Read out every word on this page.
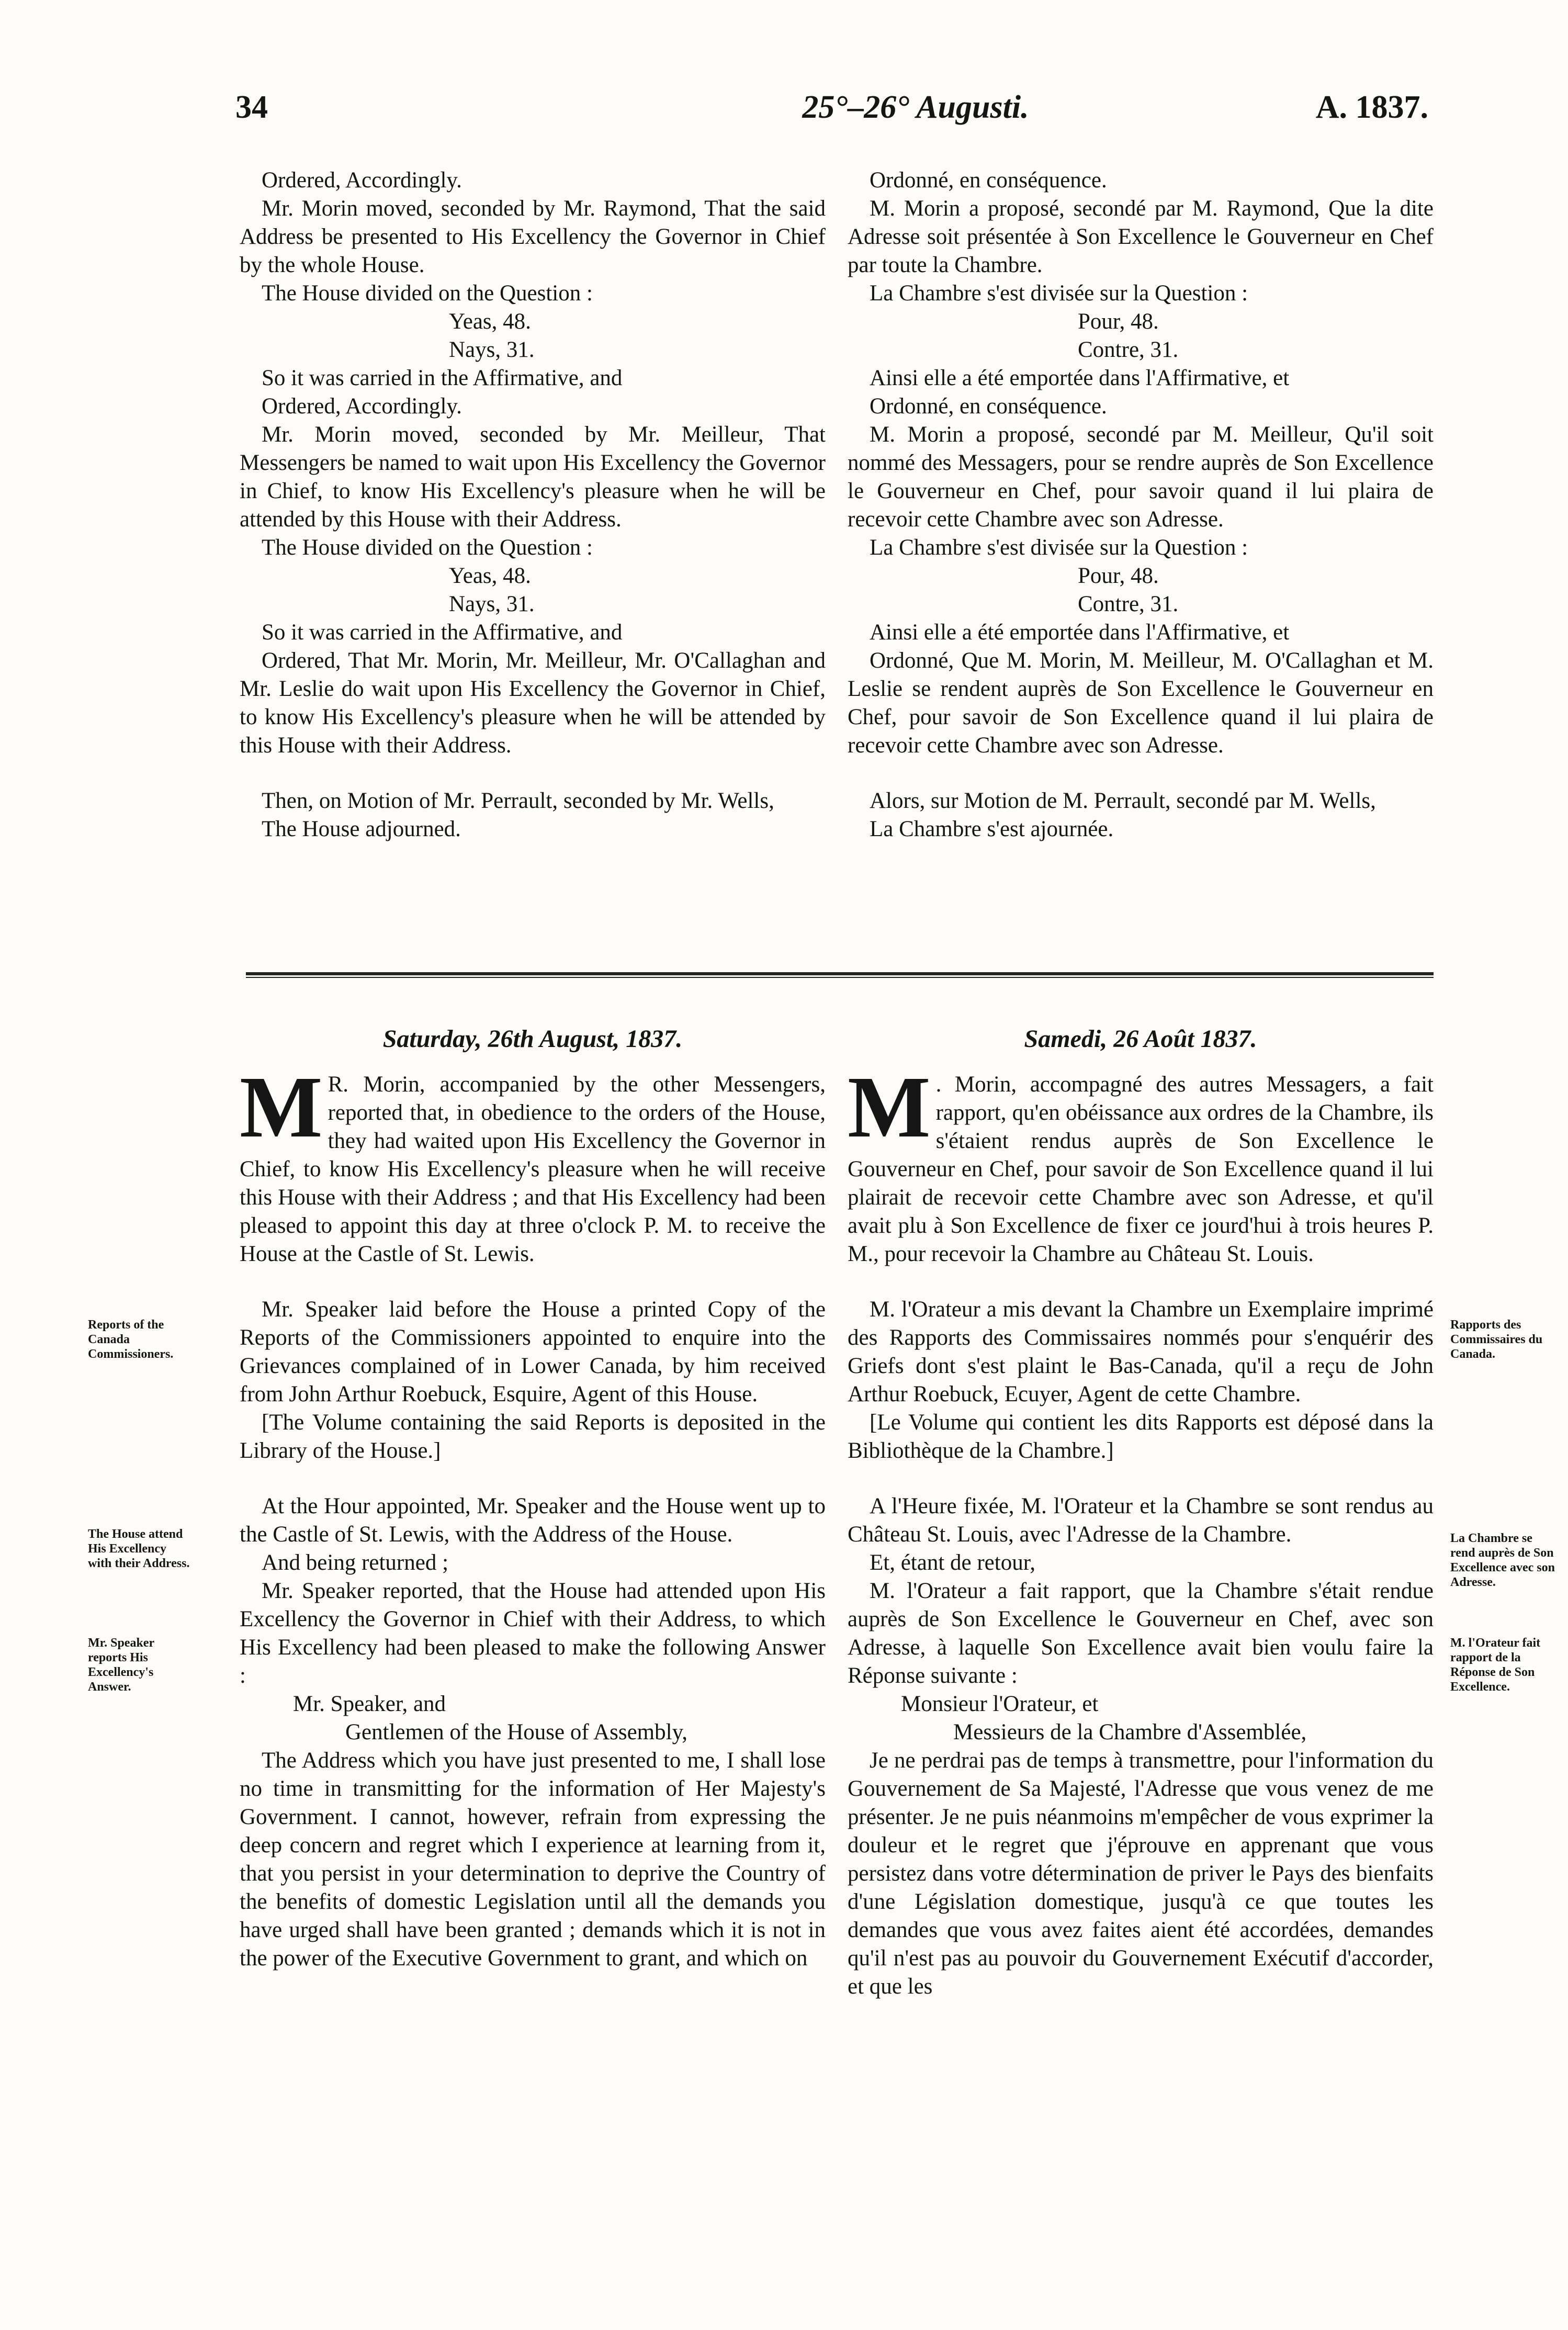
34	25°–26° Augusti.	A. 1837.

Ordered, Accordingly.

Mr. Morin moved, seconded by Mr. Raymond, That the said Address be presented to His Excellency the Governor in Chief by the whole House.

The House divided on the Question :

Yeas, 48.

Nays, 31.

So it was carried in the Affirmative, and

Ordered, Accordingly.

Mr. Morin moved, seconded by Mr. Meilleur, That Messengers be named to wait upon His Excellency the Governor in Chief, to know His Excellency's pleasure when he will be attended by this House with their Address.

The House divided on the Question :

Yeas, 48.

Nays, 31.

So it was carried in the Affirmative, and

Ordered, That Mr. Morin, Mr. Meilleur, Mr. O'Callaghan and Mr. Leslie do wait upon His Excellency the Governor in Chief, to know His Excellency's pleasure when he will be attended by this House with their Address.

Then, on Motion of Mr. Perrault, seconded by Mr. Wells,

The House adjourned.

Ordonné, en conséquence.

M. Morin a proposé, secondé par M. Raymond, Que la dite Adresse soit présentée à Son Excellence le Gouverneur en Chef par toute la Chambre.

La Chambre s'est divisée sur la Question :

Pour, 48.

Contre, 31.

Ainsi elle a été emportée dans l'Affirmative, et

Ordonné, en conséquence.

M. Morin a proposé, secondé par M. Meilleur, Qu'il soit nommé des Messagers, pour se rendre auprès de Son Excellence le Gouverneur en Chef, pour savoir quand il lui plaira de recevoir cette Chambre avec son Adresse.

La Chambre s'est divisée sur la Question :

Pour, 48.

Contre, 31.

Ainsi elle a été emportée dans l'Affirmative, et

Ordonné, Que M. Morin, M. Meilleur, M. O'Callaghan et M. Leslie se rendent auprès de Son Excellence le Gouverneur en Chef, pour savoir de Son Excellence quand il lui plaira de recevoir cette Chambre avec son Adresse.

Alors, sur Motion de M. Perrault, secondé par M. Wells,

La Chambre s'est ajournée.

Saturday, 26th August, 1837.	Samedi, 26 Août 1837.

M R. Morin, accompanied by the other Messengers, reported that, in obedience to the orders of the House, they had waited upon His Excellency the Governor in Chief, to know His Excellency's pleasure when he will receive this House with their Address ; and that His Excellency had been pleased to appoint this day at three o'clock P. M. to receive the House at the Castle of St. Lewis.

Mr. Speaker laid before the House a printed Copy of the Reports of the Commissioners appointed to enquire into the Grievances complained of in Lower Canada, by him received from John Arthur Roebuck, Esquire, Agent of this House.

[The Volume containing the said Reports is deposited in the Library of the House.]

At the Hour appointed, Mr. Speaker and the House went up to the Castle of St. Lewis, with the Address of the House.

And being returned ;

Mr. Speaker reported, that the House had attended upon His Excellency the Governor in Chief with their Address, to which His Excellency had been pleased to make the following Answer :

Mr. Speaker, and

Gentlemen of the House of Assembly,

The Address which you have just presented to me, I shall lose no time in transmitting for the information of Her Majesty's Government. I cannot, however, refrain from expressing the deep concern and regret which I experience at learning from it, that you persist in your determination to deprive the Country of the benefits of domestic Legislation until all the demands you have urged shall have been granted ; demands which it is not in the power of the Executive Government to grant, and which on

M . Morin, accompagné des autres Messagers, a fait rapport, qu'en obéissance aux ordres de la Chambre, ils s'étaient rendus auprès de Son Excellence le Gouverneur en Chef, pour savoir de Son Excellence quand il lui plairait de recevoir cette Chambre avec son Adresse, et qu'il avait plu à Son Excellence de fixer ce jourd'hui à trois heures P. M., pour recevoir la Chambre au Château St. Louis.

M. l'Orateur a mis devant la Chambre un Exemplaire imprimé des Rapports des Commissaires nommés pour s'enquérir des Griefs dont s'est plaint le Bas-Canada, qu'il a reçu de John Arthur Roebuck, Ecuyer, Agent de cette Chambre.

[Le Volume qui contient les dits Rapports est déposé dans la Bibliothèque de la Chambre.]

A l'Heure fixée, M. l'Orateur et la Chambre se sont rendus au Château St. Louis, avec l'Adresse de la Chambre.

Et, étant de retour,

M. l'Orateur a fait rapport, que la Chambre s'était rendue auprès de Son Excellence le Gouverneur en Chef, avec son Adresse, à laquelle Son Excellence avait bien voulu faire la Réponse suivante :

Monsieur l'Orateur, et

Messieurs de la Chambre d'Assemblée,

Je ne perdrai pas de temps à transmettre, pour l'information du Gouvernement de Sa Majesté, l'Adresse que vous venez de me présenter. Je ne puis néanmoins m'empêcher de vous exprimer la douleur et le regret que j'éprouve en apprenant que vous persistez dans votre détermination de priver le Pays des bienfaits d'une Législation domestique, jusqu'à ce que toutes les demandes que vous avez faites aient été accordées, demandes qu'il n'est pas au pouvoir du Gouvernement Exécutif d'accorder, et que les

Reports of the Canada Commissioners.
The House attend His Excellency with their Address.
Mr. Speaker reports His Excellency's Answer.
Rapports des Commissaires du Canada.
La Chambre se rend auprès de Son Excellence avec son Adresse.
M. l'Orateur fait rapport de la Réponse de Son Excellence.
